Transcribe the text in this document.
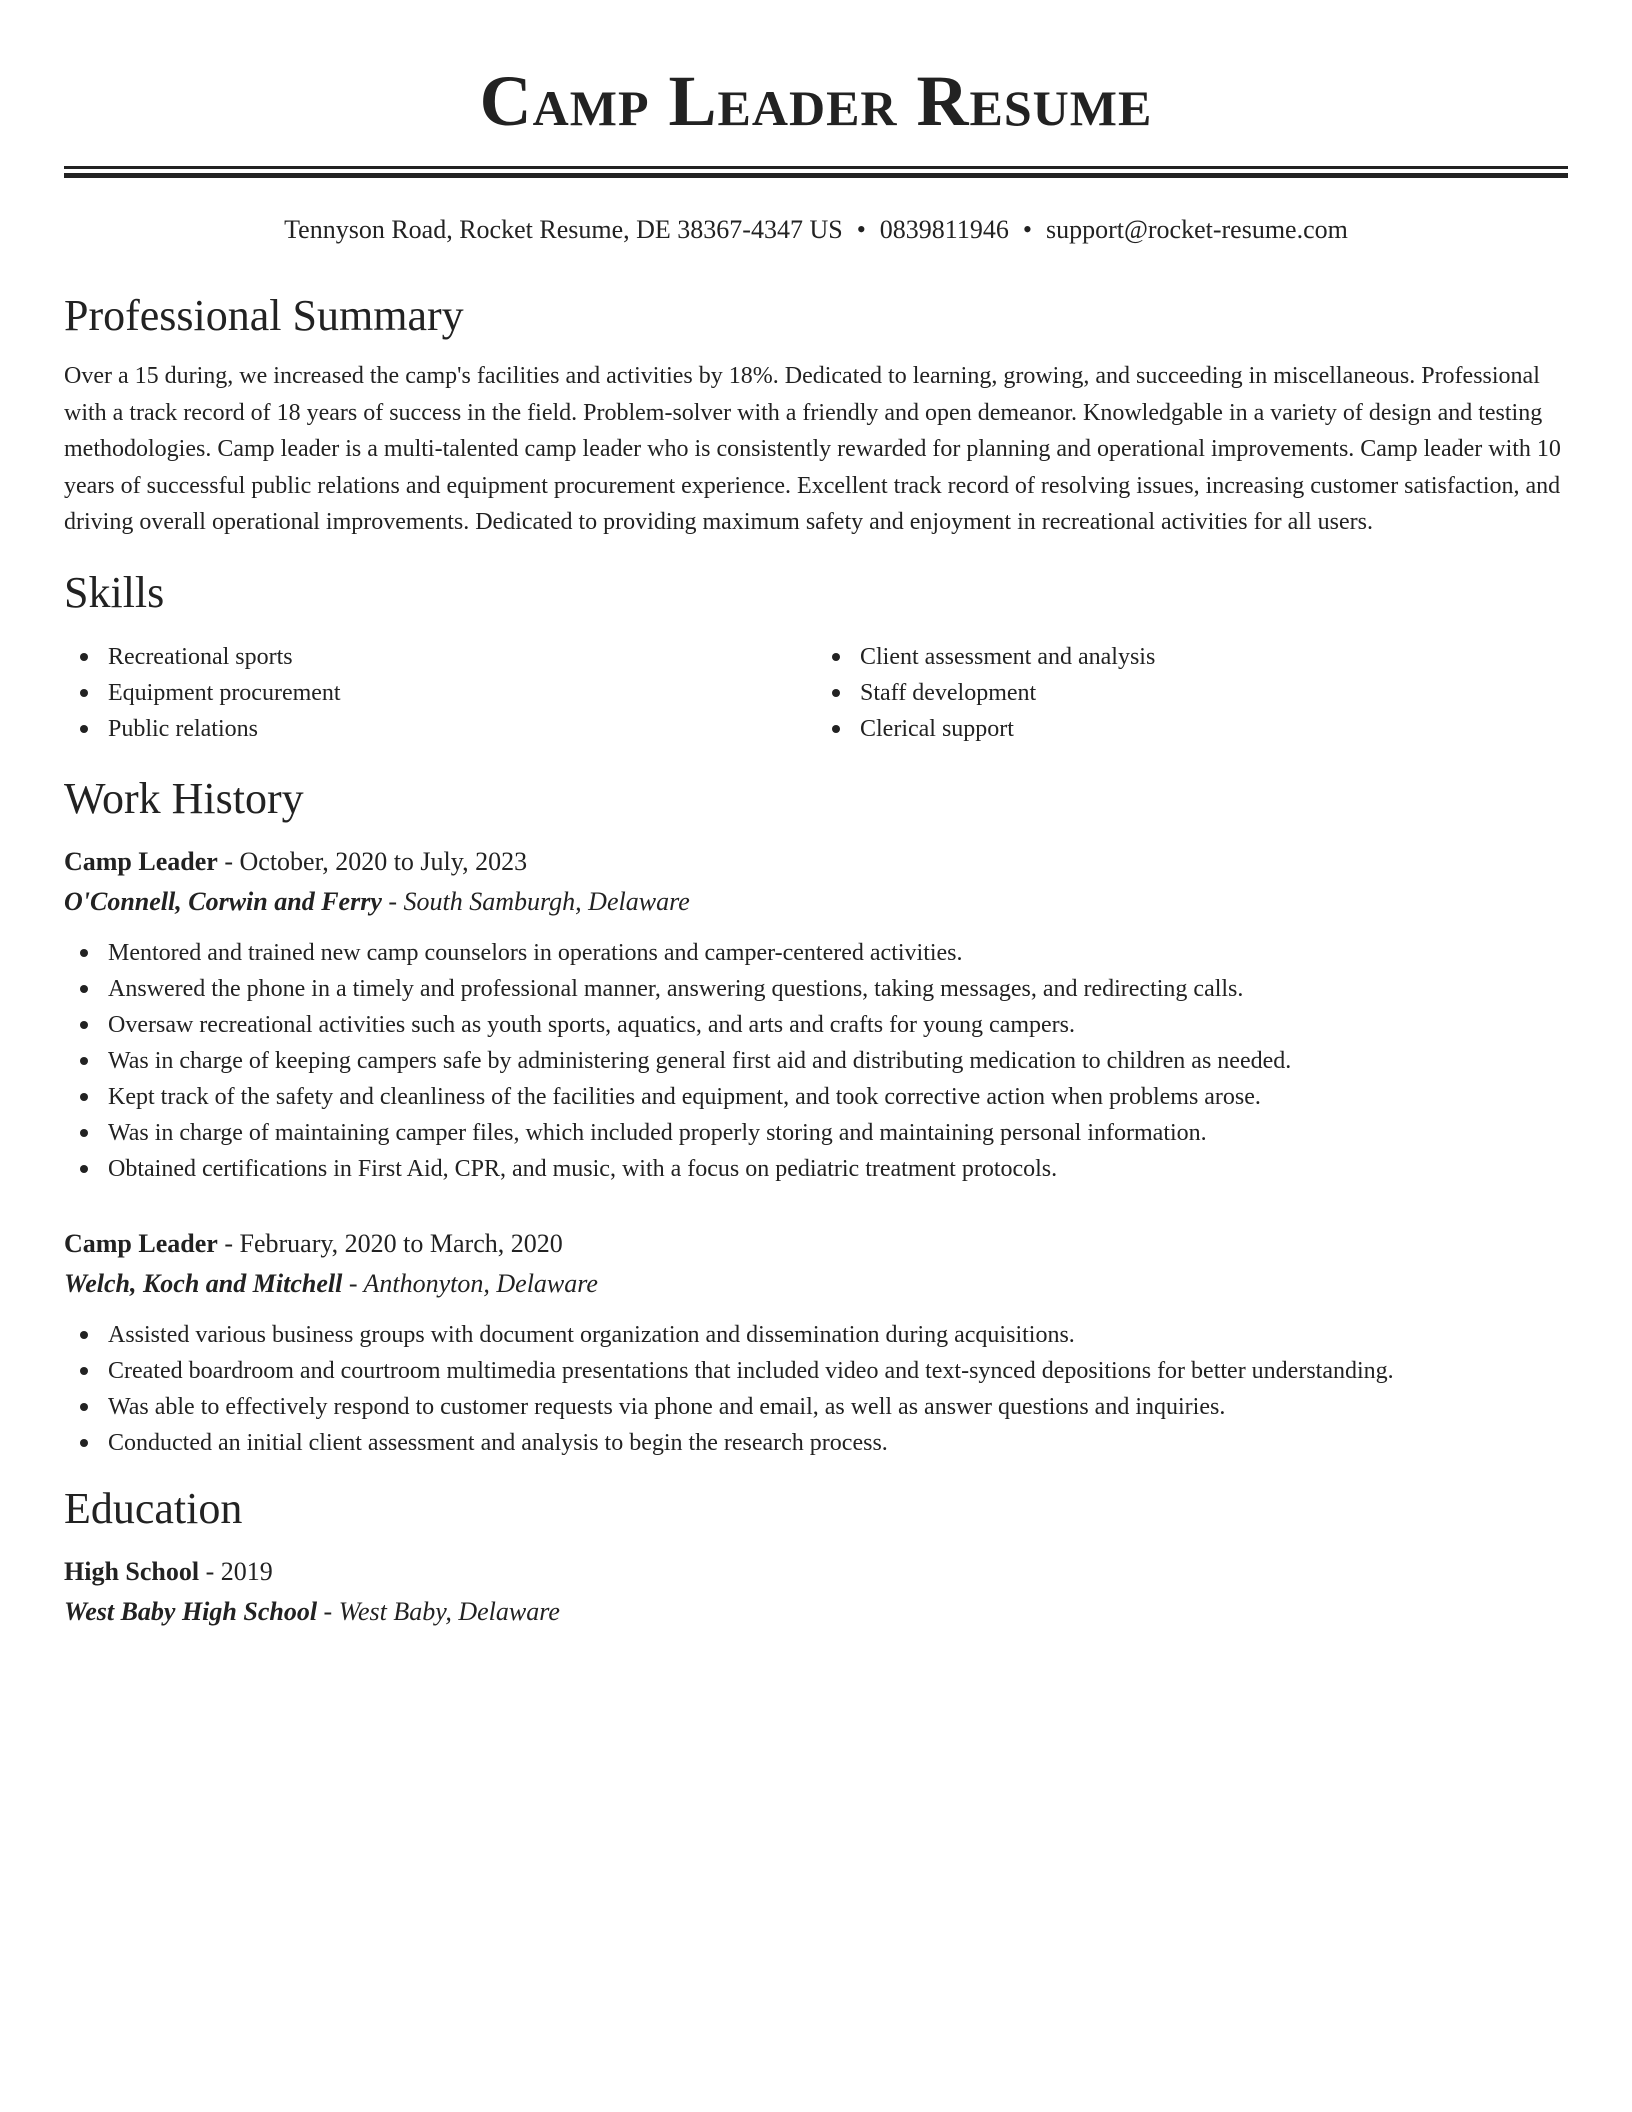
Camp Leader Resume
Tennyson Road, Rocket Resume, DE 38367-4347 US • 0839811946 • support@rocket-resume.com
Professional Summary

Over a 15 during, we increased the camp's facilities and activities by 18%. Dedicated to learning, growing, and succeeding in miscellaneous. Professional with a track record of 18 years of success in the field. Problem-solver with a friendly and open demeanor. Knowledgable in a variety of design and testing methodologies. Camp leader is a multi-talented camp leader who is consistently rewarded for planning and operational improvements. Camp leader with 10 years of successful public relations and equipment procurement experience. Excellent track record of resolving issues, increasing customer satisfaction, and driving overall operational improvements. Dedicated to providing maximum safety and enjoyment in recreational activities for all users.

Skills
Recreational sports
Equipment procurement
Public relations
Client assessment and analysis
Staff development
Clerical support
Work History
Camp Leader - October, 2020 to July, 2023
O'Connell, Corwin and Ferry - South Samburgh, Delaware
Mentored and trained new camp counselors in operations and camper-centered activities.
Answered the phone in a timely and professional manner, answering questions, taking messages, and redirecting calls.
Oversaw recreational activities such as youth sports, aquatics, and arts and crafts for young campers.
Was in charge of keeping campers safe by administering general first aid and distributing medication to children as needed.
Kept track of the safety and cleanliness of the facilities and equipment, and took corrective action when problems arose.
Was in charge of maintaining camper files, which included properly storing and maintaining personal information.
Obtained certifications in First Aid, CPR, and music, with a focus on pediatric treatment protocols.
Camp Leader - February, 2020 to March, 2020
Welch, Koch and Mitchell - Anthonyton, Delaware
Assisted various business groups with document organization and dissemination during acquisitions.
Created boardroom and courtroom multimedia presentations that included video and text-synced depositions for better understanding.
Was able to effectively respond to customer requests via phone and email, as well as answer questions and inquiries.
Conducted an initial client assessment and analysis to begin the research process.
Education
High School - 2019
West Baby High School - West Baby, Delaware
